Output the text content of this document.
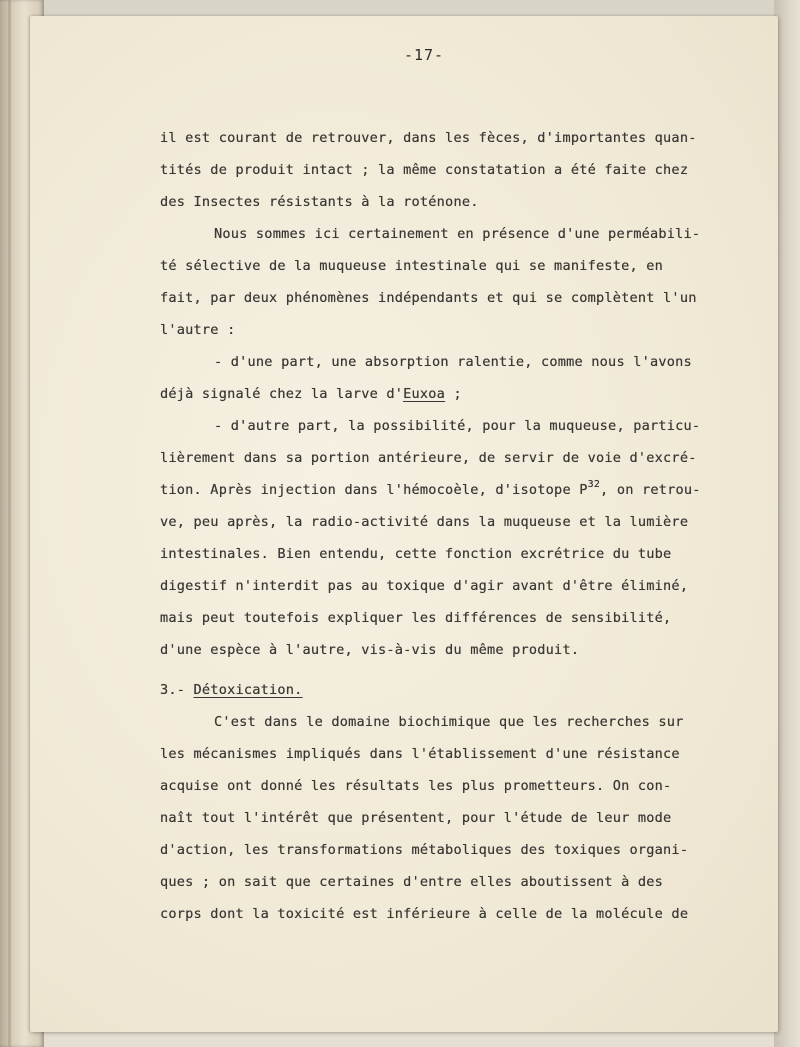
-17-
il est courant de retrouver, dans les fèces, d'importantes quan-
tités de produit intact ; la même constatation a été faite chez
des Insectes résistants à la roténone.
Nous sommes ici certainement en présence d'une perméabili-
té sélective de la muqueuse intestinale qui se manifeste, en
fait, par deux phénomènes indépendants et qui se complètent l'un
l'autre :
- d'une part, une absorption ralentie, comme nous l'avons
déjà signalé chez la larve d'Euxoa ;
- d'autre part, la possibilité, pour la muqueuse, particu-
lièrement dans sa portion antérieure, de servir de voie d'excré-
tion. Après injection dans l'hémocoèle, d'isotope $P^{32}$, on retrou-
ve, peu après, la radio-activité dans la muqueuse et la lumière
intestinales. Bien entendu, cette fonction excrétrice du tube
digestif n'interdit pas au toxique d'agir avant d'être éliminé,
mais peut toutefois expliquer les différences de sensibilité,
d'une espèce à l'autre, vis-à-vis du même produit.
3.- Détoxication.
C'est dans le domaine biochimique que les recherches sur
les mécanismes impliqués dans l'établissement d'une résistance
acquise ont donné les résultats les plus prometteurs. On con-
naît tout l'intérêt que présentent, pour l'étude de leur mode
d'action, les transformations métaboliques des toxiques organi-
ques ; on sait que certaines d'entre elles aboutissent à des
corps dont la toxicité est inférieure à celle de la molécule de
